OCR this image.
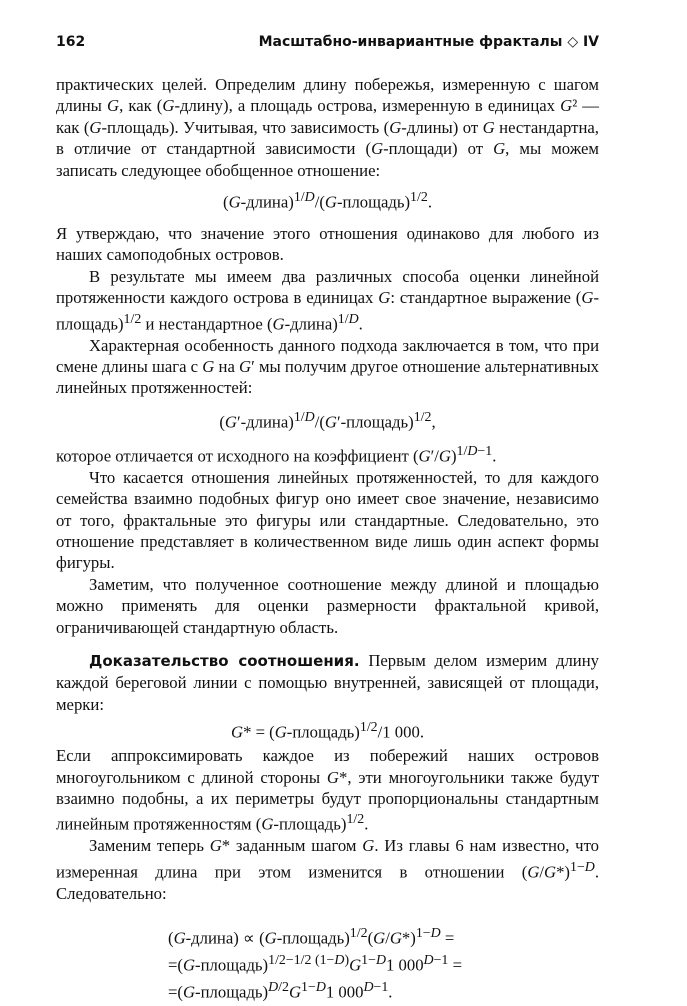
162	Масштабно-инвариантные фракталы ◇ IV

практических целей. Определим длину побережья, измеренную с шагом длины G, как (G-длину), а площадь острова, измеренную в единицах G² — как (G-площадь). Учитывая, что зависимость (G-длины) от G нестандартна, в отличие от стандартной зависимости (G-площади) от G, мы можем записать следующее обобщенное отношение:

(G-длина)$^{1/D}$/(G-площадь)$^{1/2}$.

Я утверждаю, что значение этого отношения одинаково для любого из наших самоподобных островов.

В результате мы имеем два различных способа оценки линейной протяженности каждого острова в единицах G: стандартное выражение (G-площадь)$^{1/2}$ и нестандартное (G-длина)$^{1/D}$.

Характерная особенность данного подхода заключается в том, что при смене длины шага с G на G′ мы получим другое отношение альтернативных линейных протяженностей:

(G′-длина)$^{1/D}$/(G′-площадь)$^{1/2}$,

которое отличается от исходного на коэффициент $(G'/G)^{1/D-1}$.

Что касается отношения линейных протяженностей, то для каждого семейства взаимно подобных фигур оно имеет свое значение, независимо от того, фрактальные это фигуры или стандартные. Следовательно, это отношение представляет в количественном виде лишь один аспект формы фигуры.

Заметим, что полученное соотношение между длиной и площадью можно применять для оценки размерности фрактальной кривой, ограничивающей стандартную область.

Доказательство соотношения. Первым делом измерим длину каждой береговой линии с помощью внутренней, зависящей от площади, мерки:

G* = (G-площадь)$^{1/2}$/1 000.

Если аппроксимировать каждое из побережий наших островов многоугольником с длиной стороны G*, эти многоугольники также будут взаимно подобны, а их периметры будут пропорциональны стандартным линейным протяженностям (G-площадь)$^{1/2}$.

Заменим теперь G* заданным шагом G. Из главы 6 нам известно, что измеренная длина при этом изменится в отношении $(G/G*)^{1-D}$. Следовательно:

(G-длина) ∝ $(G-площадь)^{1/2}(G/G*)^{1-D}$ =
$=(G-площадь)^{1/2-1/2 (1-D)}G^{1-D}1$ $000^{D-1}$ =
$=(G-площадь)^{D/2}G^{1-D}1$ $000^{D-1}$.
